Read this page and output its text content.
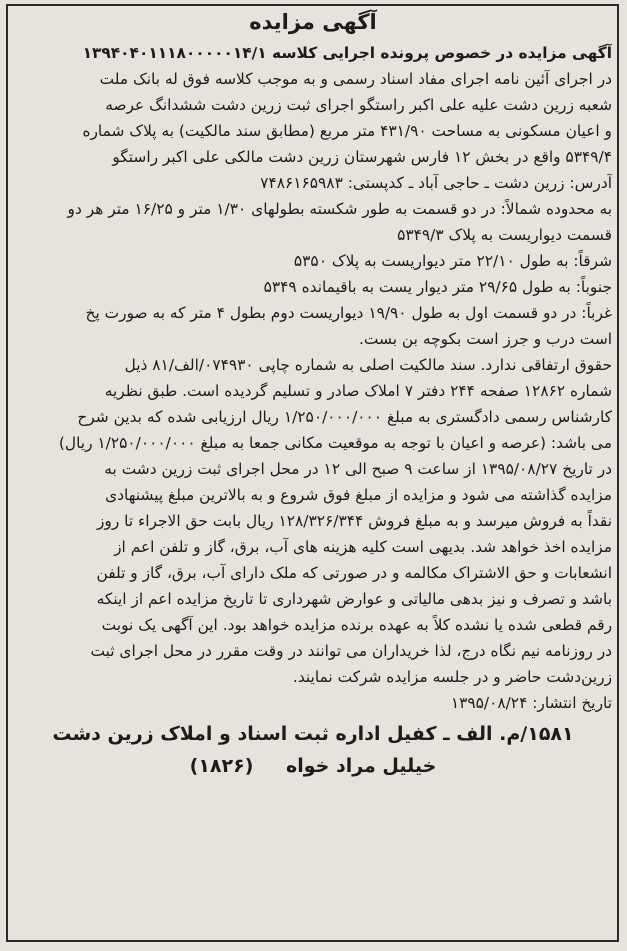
آگهی مزایده
آگهی مزایده در خصوص پرونده اجرایی کلاسه ۱۳۹۴۰۴۰۱۱۱۸۰۰۰۰۰۱۴/۱
در اجرای آئین نامه اجرای مفاد اسناد رسمی و به موجب کلاسه فوق له بانک ملت
شعبه زرین دشت علیه علی اکبر راستگو اجرای ثبت زرین دشت ششدانگ عرصه
و اعیان مسکونی به مساحت ۴۳۱/۹۰ متر مربع (مطابق سند مالکیت) به پلاک شماره
۵۳۴۹/۴ واقع در بخش ۱۲ فارس شهرستان زرین دشت مالکی علی اکبر راستگو
آدرس: زرین دشت ـ حاجی آباد ـ کدپستی: ۷۴۸۶۱۶۵۹۸۳
به محدوده شمالاً: در دو قسمت به طور شکسته بطولهای ۱/۳۰ متر و ۱۶/۲۵ متر هر دو
قسمت دیواریست به پلاک ۵۳۴۹/۳
شرقاً: به طول ۲۲/۱۰ متر دیواریست به پلاک ۵۳۵۰
جنوباً: به طول ۲۹/۶۵ متر دیوار یست به باقیمانده ۵۳۴۹
غرباً: در دو قسمت اول به طول ۱۹/۹۰ دیواریست دوم بطول ۴ متر که به صورت پخ
است درب و جرز است بکوچه بن بست.
حقوق ارتفاقی ندارد. سند مالکیت اصلی به شماره چاپی ۰۷۴۹۳۰/الف/۸۱ ذیل
شماره ۱۲۸۶۲ صفحه ۲۴۴ دفتر ۷ املاک صادر و تسلیم گردیده است. طبق نظریه
کارشناس رسمی دادگستری به مبلغ ۱/۲۵۰/۰۰۰/۰۰۰ ریال ارزیابی شده که بدین شرح
می باشد: (عرصه و اعیان با توجه به موقعیت مکانی جمعا به مبلغ ۱/۲۵۰/۰۰۰/۰۰۰ ریال)
در تاریخ ۱۳۹۵/۰۸/۲۷ از ساعت ۹ صبح الی ۱۲ در محل اجرای ثبت زرین دشت به
مزایده گذاشته می شود و مزایده از مبلغ فوق شروع و به بالاترین مبلغ پیشنهادی
نقداً به فروش میرسد و به مبلغ فروش ۱۲۸/۳۲۶/۳۴۴ ریال بابت حق الاجراء تا روز
مزایده اخذ خواهد شد. بدیهی است کلیه هزینه های آب، برق، گاز و تلفن اعم از
انشعابات و حق الاشتراک مکالمه و در صورتی که ملک دارای آب، برق، گاز و تلفن
باشد و تصرف و نیز بدهی مالیاتی و عوارض شهرداری تا تاریخ مزایده اعم از اینکه
رقم قطعی شده یا نشده کلاً به عهده برنده مزایده خواهد بود. این آگهی یک نوبت
در روزنامه نیم نگاه درج، لذا خریداران می توانند در وقت مقرر در محل اجرای ثبت
زرین‌دشت حاضر و در جلسه مزایده شرکت نمایند.
تاریخ انتشار: ۱۳۹۵/۰۸/۲۴
۱۵۸۱/م. الف ـ کفیل اداره ثبت اسناد و املاک زرین دشت
خیلیل مراد خواه (۱۸۲۶)
